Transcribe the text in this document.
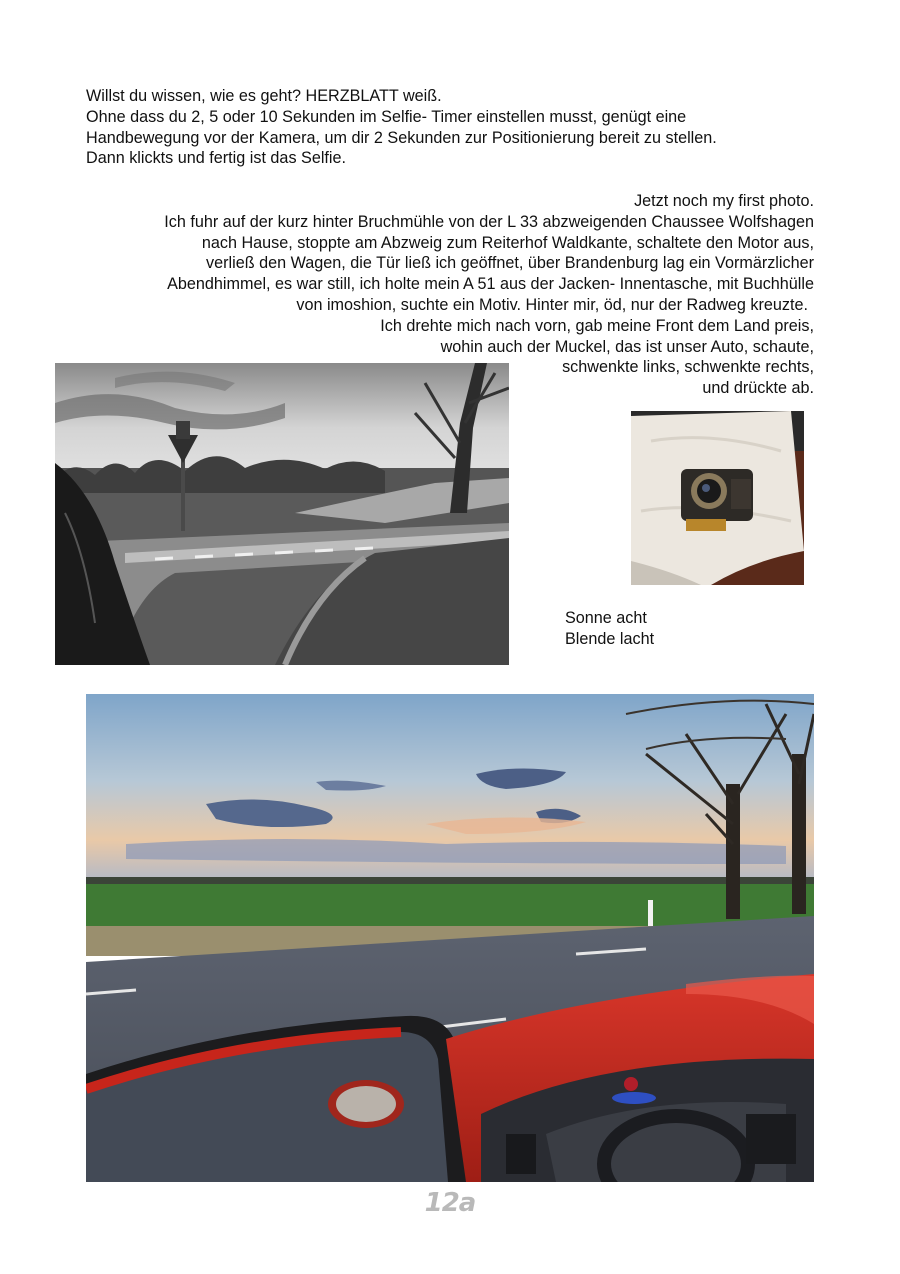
Willst du wissen, wie es geht? HERZBLATT weiß.
Ohne dass du 2, 5 oder 10 Sekunden im Selfie- Timer einstellen musst, genügt eine
Handbewegung vor der Kamera, um dir 2 Sekunden zur Positionierung bereit zu stellen.
Dann klickts und fertig ist das Selfie.
Jetzt noch my first photo.
Ich fuhr auf der kurz hinter Bruchmühle von der L 33 abzweigenden Chaussee Wolfshagen
nach Hause, stoppte am Abzweig zum Reiterhof Waldkante, schaltete den Motor aus,
verließ den Wagen, die Tür ließ ich geöffnet, über Brandenburg lag ein Vormärzlicher
Abendhimmel, es war still, ich holte mein A 51 aus der Jacken- Innentasche, mit Buchhülle
von imoshion, suchte ein Motiv. Hinter mir, öd, nur der Radweg kreuzte.
Ich drehte mich nach vorn, gab meine Front dem Land preis,
wohin auch der Muckel, das ist unser Auto, schaute,
schwenkte links, schwenkte rechts,
und drückte ab.
Sonne acht
Blende lacht
12a
